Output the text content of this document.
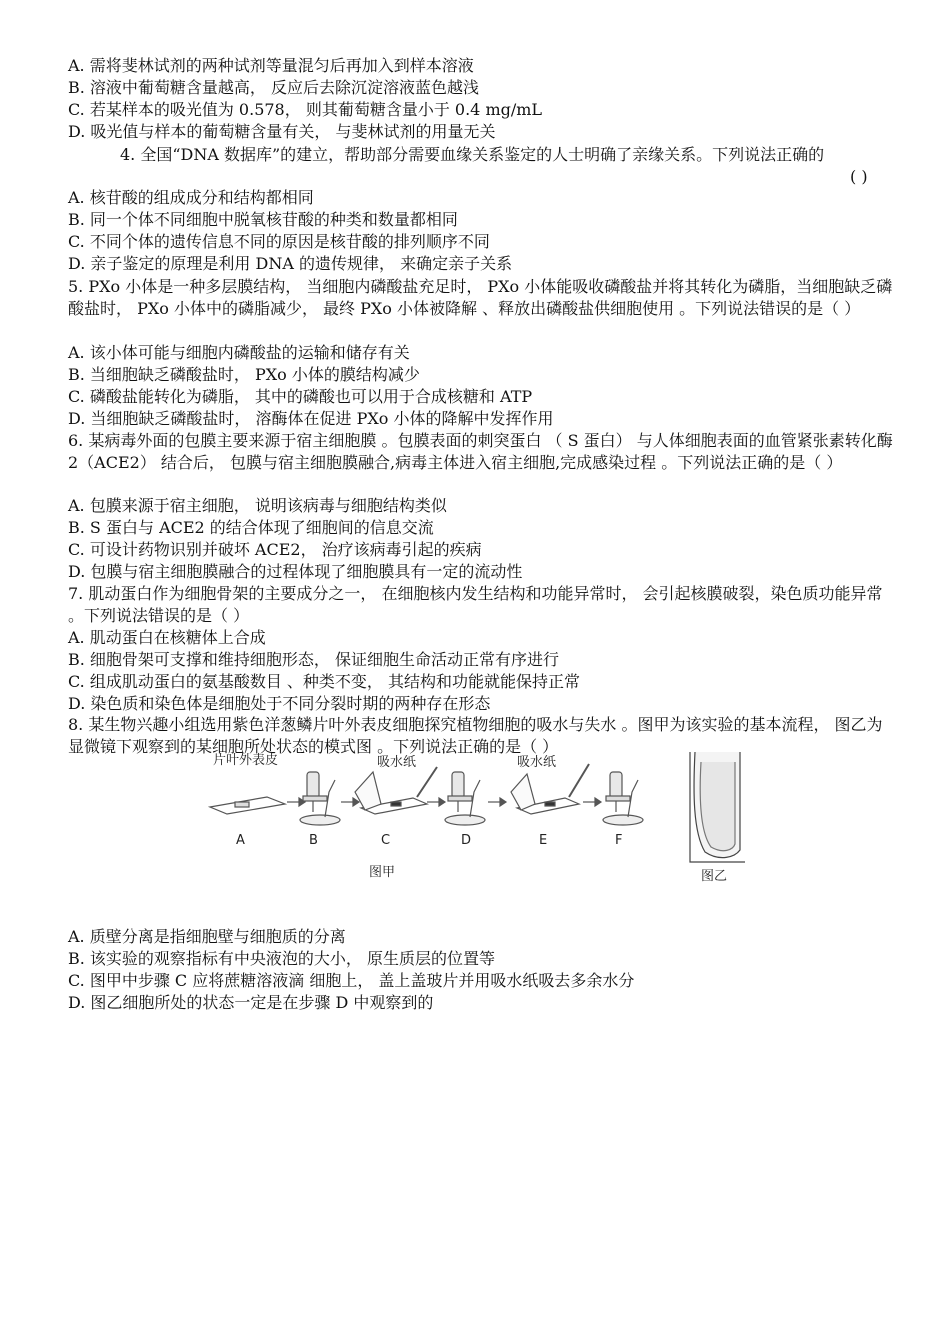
A. 需将斐林试剂的两种试剂等量混匀后再加入到样本溶液
B. 溶液中葡萄糖含量越高， 反应后去除沉淀溶液蓝色越浅
C. 若某样本的吸光值为 0.578， 则其葡萄糖含量小于 0.4 mg/mL
D. 吸光值与样本的葡萄糖含量有关， 与斐林试剂的用量无关
4. 全国“DNA 数据库”的建立，帮助部分需要血缘关系鉴定的人士明确了亲缘关系。下列说法正确的
( )
A. 核苷酸的组成成分和结构都相同
B. 同一个体不同细胞中脱氧核苷酸的种类和数量都相同
C. 不同个体的遗传信息不同的原因是核苷酸的排列顺序不同
D. 亲子鉴定的原理是利用 DNA 的遗传规律， 来确定亲子关系
5. PXo 小体是一种多层膜结构， 当细胞内磷酸盐充足时， PXo 小体能吸收磷酸盐并将其转化为磷脂，当细胞缺乏磷酸盐时， PXo 小体中的磷脂减少， 最终 PXo 小体被降解 、释放出磷酸盐供细胞使用 。下列说法错误的是（ ）
A. 该小体可能与细胞内磷酸盐的运输和储存有关
B. 当细胞缺乏磷酸盐时， PXo 小体的膜结构减少
C. 磷酸盐能转化为磷脂， 其中的磷酸也可以用于合成核糖和 ATP
D. 当细胞缺乏磷酸盐时， 溶酶体在促进 PXo 小体的降解中发挥作用
6. 某病毒外面的包膜主要来源于宿主细胞膜 。包膜表面的刺突蛋白 （ S 蛋白） 与人体细胞表面的血管紧张素转化酶 2（ACE2） 结合后， 包膜与宿主细胞膜融合,病毒主体进入宿主细胞,完成感染过程 。下列说法正确的是（ ）
A. 包膜来源于宿主细胞， 说明该病毒与细胞结构类似
B. S 蛋白与 ACE2 的结合体现了细胞间的信息交流
C. 可设计药物识别并破坏 ACE2， 治疗该病毒引起的疾病
D. 包膜与宿主细胞膜融合的过程体现了细胞膜具有一定的流动性
7. 肌动蛋白作为细胞骨架的主要成分之一， 在细胞核内发生结构和功能异常时， 会引起核膜破裂，染色质功能异常 。下列说法错误的是（ ）
A. 肌动蛋白在核糖体上合成
B. 细胞骨架可支撑和维持细胞形态， 保证细胞生命活动正常有序进行
C. 组成肌动蛋白的氨基酸数目 、种类不变， 其结构和功能就能保持正常
D. 染色质和染色体是细胞处于不同分裂时期的两种存在形态
8. 某生物兴趣小组选用紫色洋葱鳞片叶外表皮细胞探究植物细胞的吸水与失水 。图甲为该实验的基本流程， 图乙为显微镜下观察到的某细胞所处状态的模式图 。下列说法正确的是（ ）
片叶外表皮	吸水纸	吸水纸
A	B	C	D	E	F
图甲	图乙
A. 质壁分离是指细胞壁与细胞质的分离
B. 该实验的观察指标有中央液泡的大小， 原生质层的位置等
C. 图甲中步骤 C 应将蔗糖溶液滴 细胞上， 盖上盖玻片并用吸水纸吸去多余水分
D. 图乙细胞所处的状态一定是在步骤 D 中观察到的
